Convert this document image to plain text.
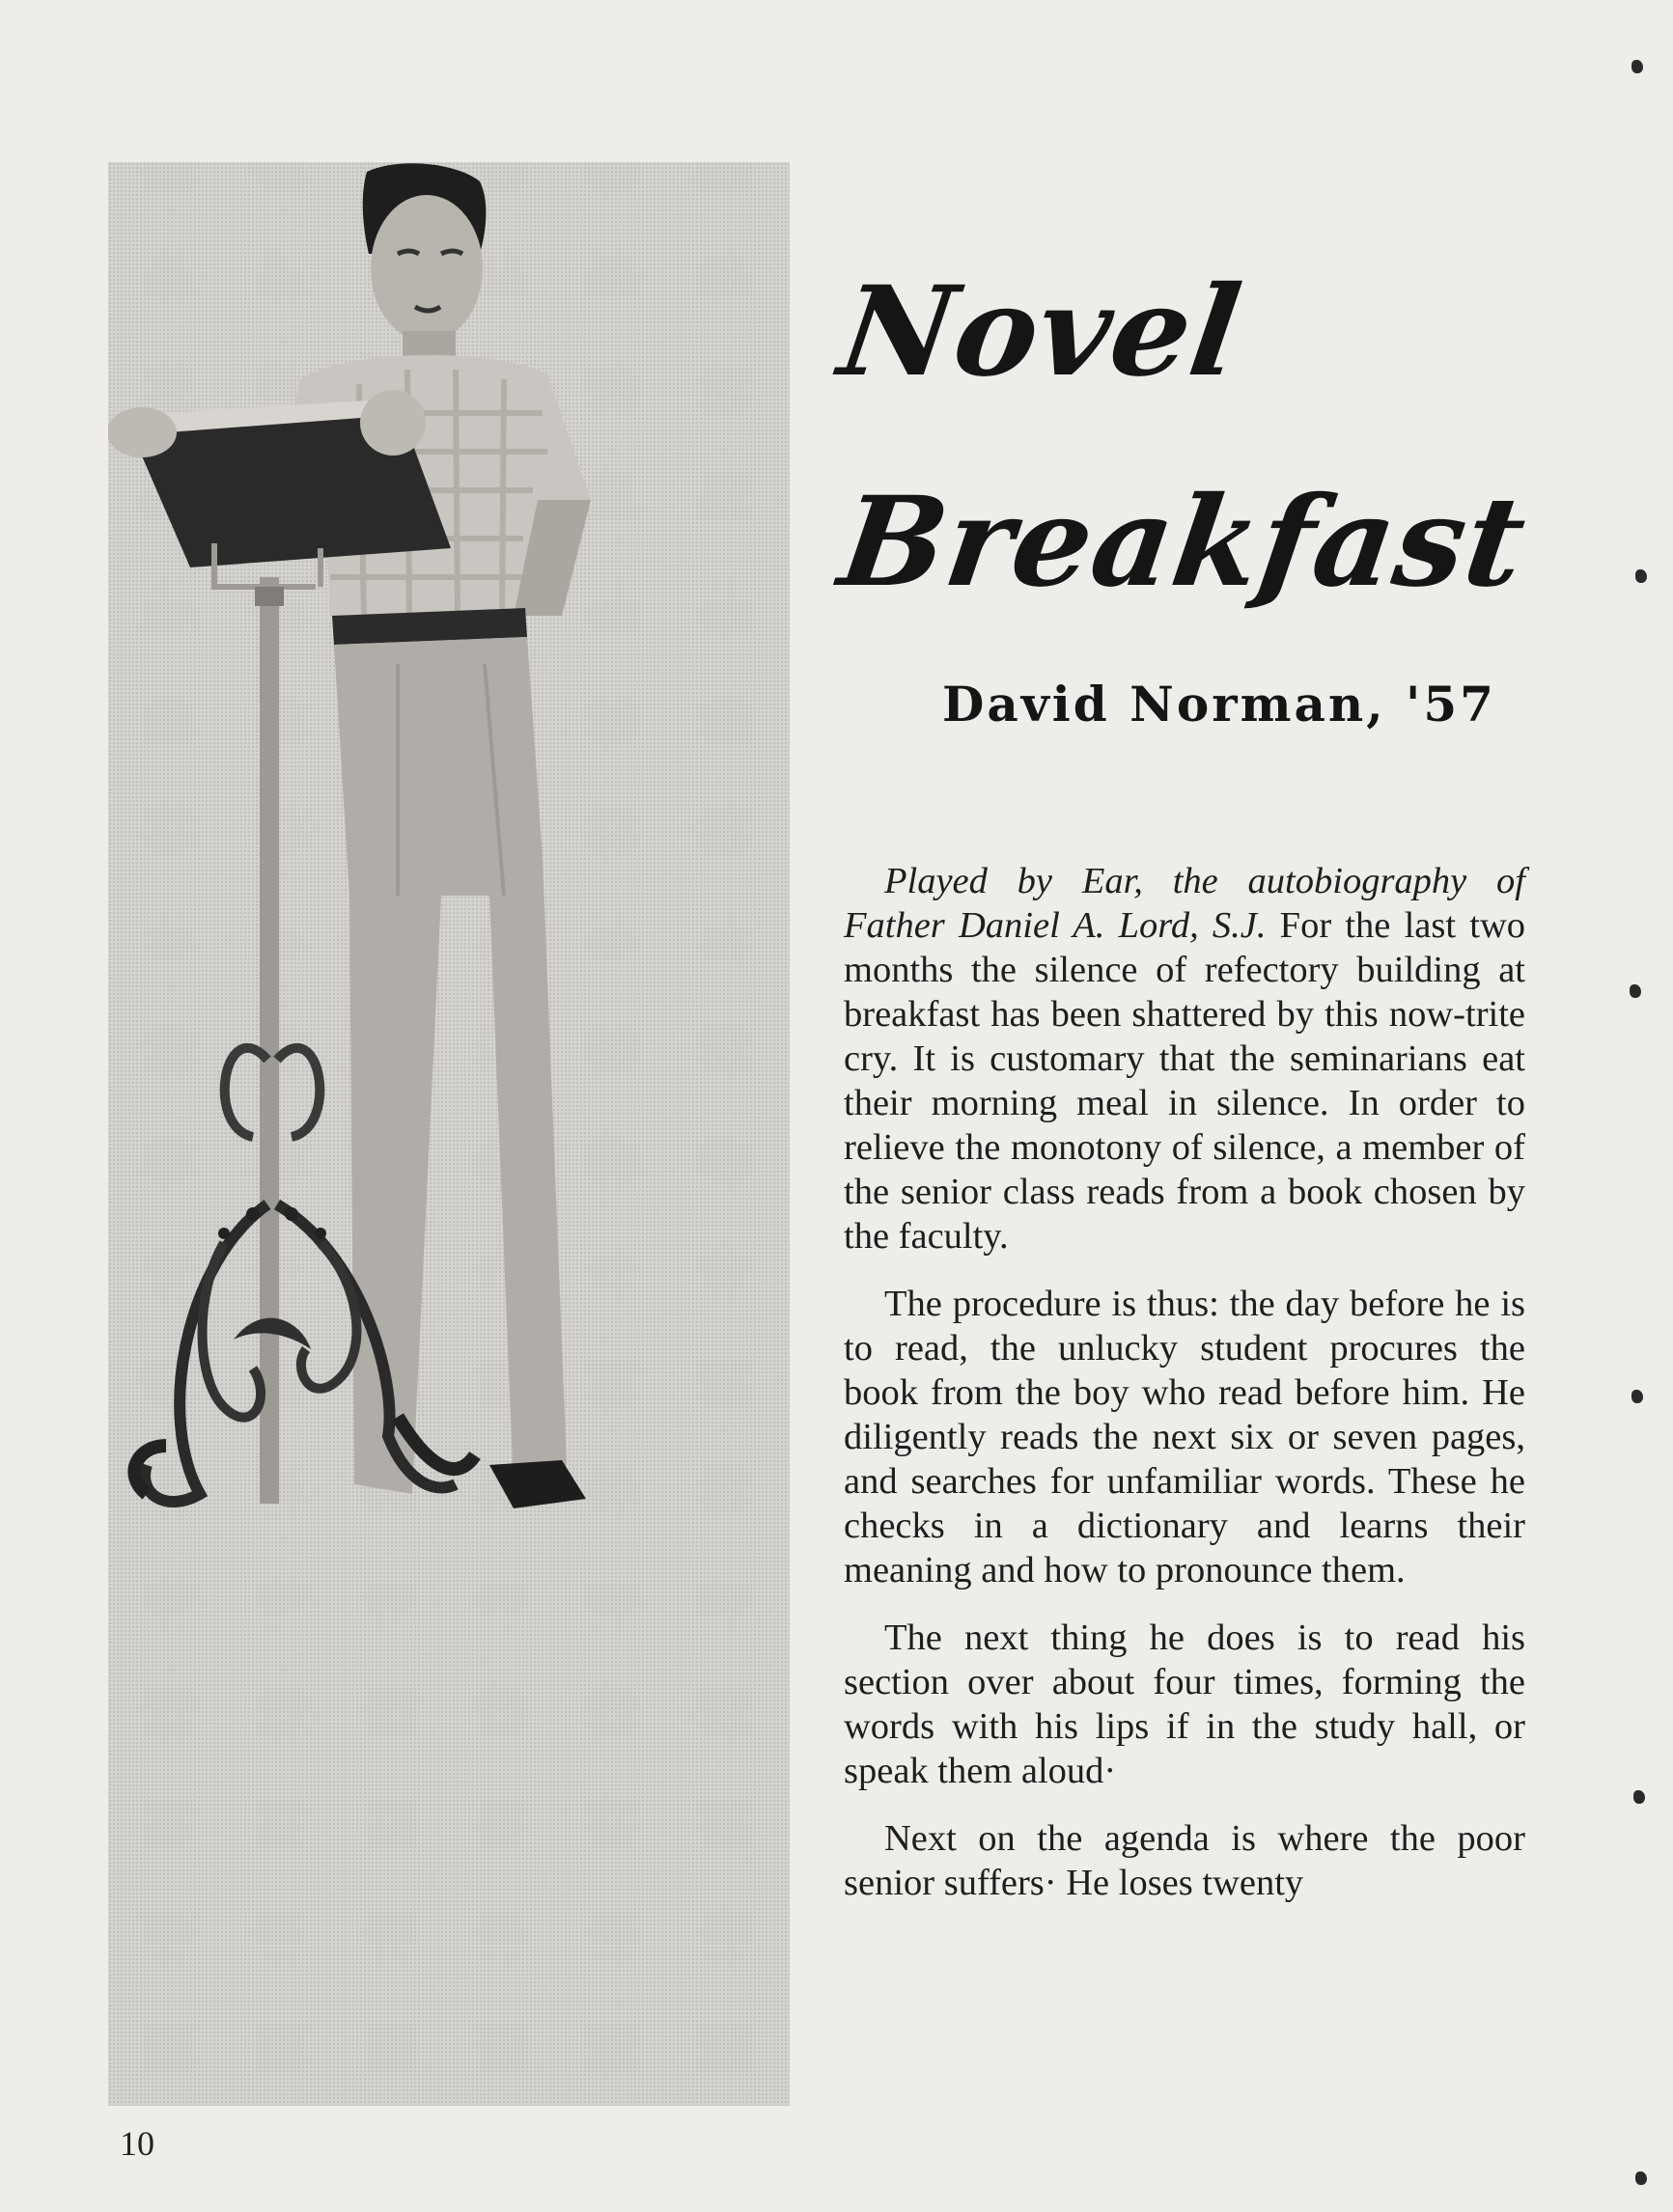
Novel
Breakfast
David Norman, '57

Played by Ear, the autobiography of Father Daniel A. Lord, S.J. For the last two months the silence of refectory building at breakfast has been shattered by this now-trite cry. It is customary that the seminarians eat their morning meal in silence. In order to relieve the monotony of silence, a member of the senior class reads from a book chosen by the faculty.

The procedure is thus: the day before he is to read, the unlucky student procures the book from the boy who read before him. He diligently reads the next six or seven pages, and searches for unfamiliar words. These he checks in a dictionary and learns their meaning and how to pronounce them.

The next thing he does is to read his section over about four times, forming the words with his lips if in the study hall, or speak them aloud·

Next on the agenda is where the poor senior suffers· He loses twenty

10
